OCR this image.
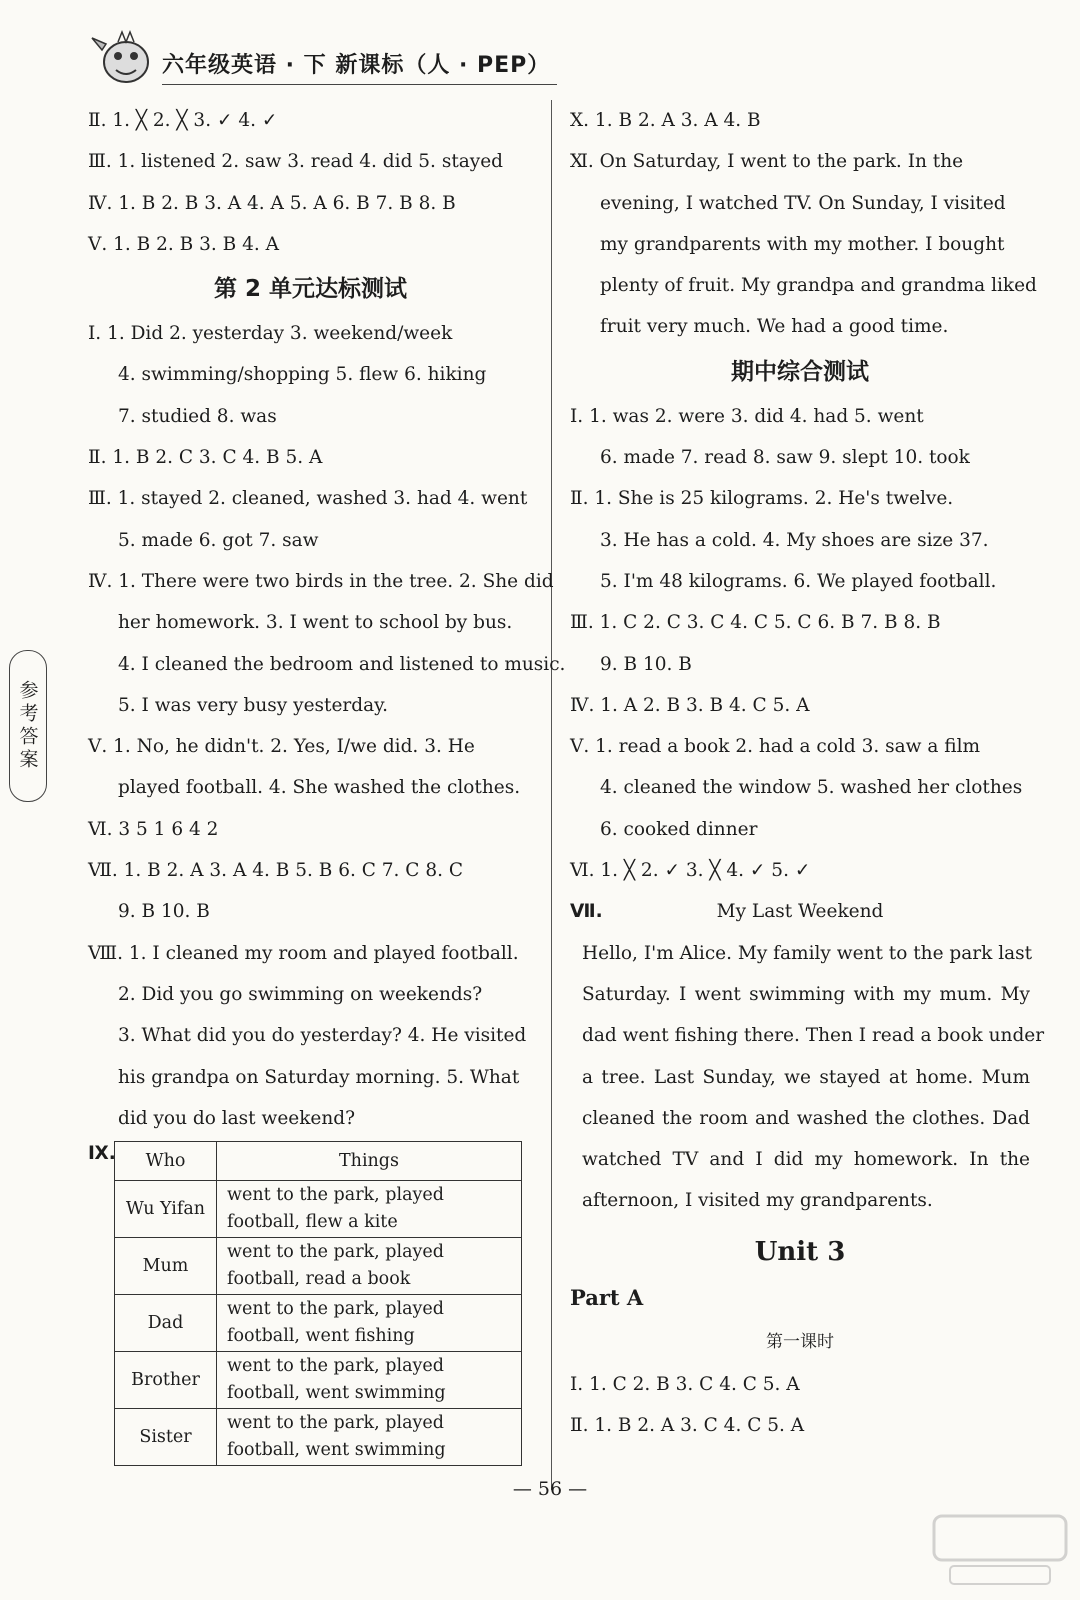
六年级英语 · 下 新课标（人 · PEP）
参考答案
Ⅱ. 1. ╳ 2. ╳ 3. ✓ 4. ✓
Ⅲ. 1. listened 2. saw 3. read 4. did 5. stayed
Ⅳ. 1. B 2. B 3. A 4. A 5. A 6. B 7. B 8. B
Ⅴ. 1. B 2. B 3. B 4. A
第 2 单元达标测试
Ⅰ. 1. Did 2. yesterday 3. weekend/week
4. swimming/shopping 5. flew 6. hiking
7. studied 8. was
Ⅱ. 1. B 2. C 3. C 4. B 5. A
Ⅲ. 1. stayed 2. cleaned, washed 3. had 4. went
5. made 6. got 7. saw
Ⅳ. 1. There were two birds in the tree. 2. She did
her homework. 3. I went to school by bus.
4. I cleaned the bedroom and listened to music.
5. I was very busy yesterday.
Ⅴ. 1. No, he didn't. 2. Yes, I/we did. 3. He
played football. 4. She washed the clothes.
Ⅵ. 3 5 1 6 4 2
Ⅶ. 1. B 2. A 3. A 4. B 5. B 6. C 7. C 8. C
9. B 10. B
Ⅷ. 1. I cleaned my room and played football.
2. Did you go swimming on weekends?
3. What did you do yesterday? 4. He visited
his grandpa on Saturday morning. 5. What
did you do last weekend?
Ⅸ. Who	Things
Wu Yifan	went to the park, played football, flew a kite
Mum	went to the park, played football, read a book
Dad	went to the park, played football, went fishing
Brother	went to the park, played football, went swimming
Sister	went to the park, played football, went swimming
Ⅹ. 1. B 2. A 3. A 4. B
Ⅺ. On Saturday, I went to the park. In the
evening, I watched TV. On Sunday, I visited
my grandparents with my mother. I bought
plenty of fruit. My grandpa and grandma liked
fruit very much. We had a good time.
期中综合测试
Ⅰ. 1. was 2. were 3. did 4. had 5. went
6. made 7. read 8. saw 9. slept 10. took
Ⅱ. 1. She is 25 kilograms. 2. He's twelve.
3. He has a cold. 4. My shoes are size 37.
5. I'm 48 kilograms. 6. We played football.
Ⅲ. 1. C 2. C 3. C 4. C 5. C 6. B 7. B 8. B
9. B 10. B
Ⅳ. 1. A 2. B 3. B 4. C 5. A
Ⅴ. 1. read a book 2. had a cold 3. saw a film
4. cleaned the window 5. washed her clothes
6. cooked dinner
Ⅵ. 1. ╳ 2. ✓ 3. ╳ 4. ✓ 5. ✓
Ⅶ.	My Last Weekend
Hello, I'm Alice. My family went to the park last
Saturday. I went swimming with my mum. My
dad went fishing there. Then I read a book under
a tree. Last Sunday, we stayed at home. Mum
cleaned the room and washed the clothes. Dad
watched TV and I did my homework. In the
afternoon, I visited my grandparents.
Unit 3
Part A
第一课时
Ⅰ. 1. C 2. B 3. C 4. C 5. A
Ⅱ. 1. B 2. A 3. C 4. C 5. A
— 56 —
